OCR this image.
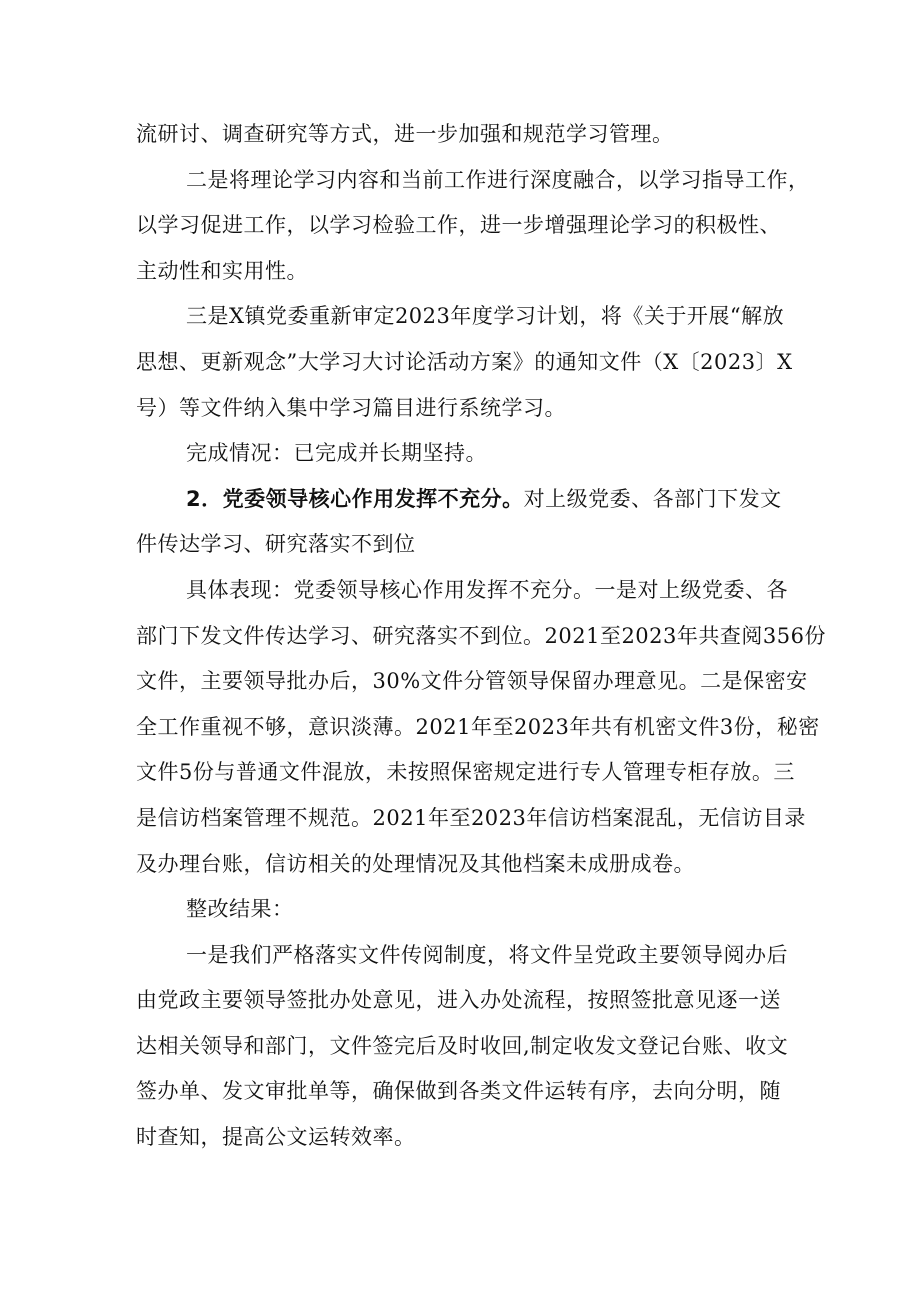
流研讨、调查研究等方式，进一步加强和规范学习管理。

二是将理论学习内容和当前工作进行深度融合，以学习指导工作，

以学习促进工作，以学习检验工作，进一步增强理论学习的积极性、

主动性和实用性。

三是X镇党委重新审定2023年度学习计划，将《关于开展“解放

思想、更新观念”大学习大讨论活动方案》的通知文件（X〔2023〕X

号）等文件纳入集中学习篇目进行系统学习。

完成情况：已完成并长期坚持。

2．党委领导核心作用发挥不充分。对上级党委、各部门下发文

件传达学习、研究落实不到位

具体表现：党委领导核心作用发挥不充分。一是对上级党委、各

部门下发文件传达学习、研究落实不到位。2021至2023年共查阅356份

文件，主要领导批办后，30%文件分管领导保留办理意见。二是保密安

全工作重视不够，意识淡薄。2021年至2023年共有机密文件3份，秘密

文件5份与普通文件混放，未按照保密规定进行专人管理专柜存放。三

是信访档案管理不规范。2021年至2023年信访档案混乱，无信访目录

及办理台账，信访相关的处理情况及其他档案未成册成卷。

整改结果：

一是我们严格落实文件传阅制度，将文件呈党政主要领导阅办后

由党政主要领导签批办处意见，进入办处流程，按照签批意见逐一送

达相关领导和部门，文件签完后及时收回,制定收发文登记台账、收文

签办单、发文审批单等，确保做到各类文件运转有序，去向分明，随

时查知，提高公文运转效率。
